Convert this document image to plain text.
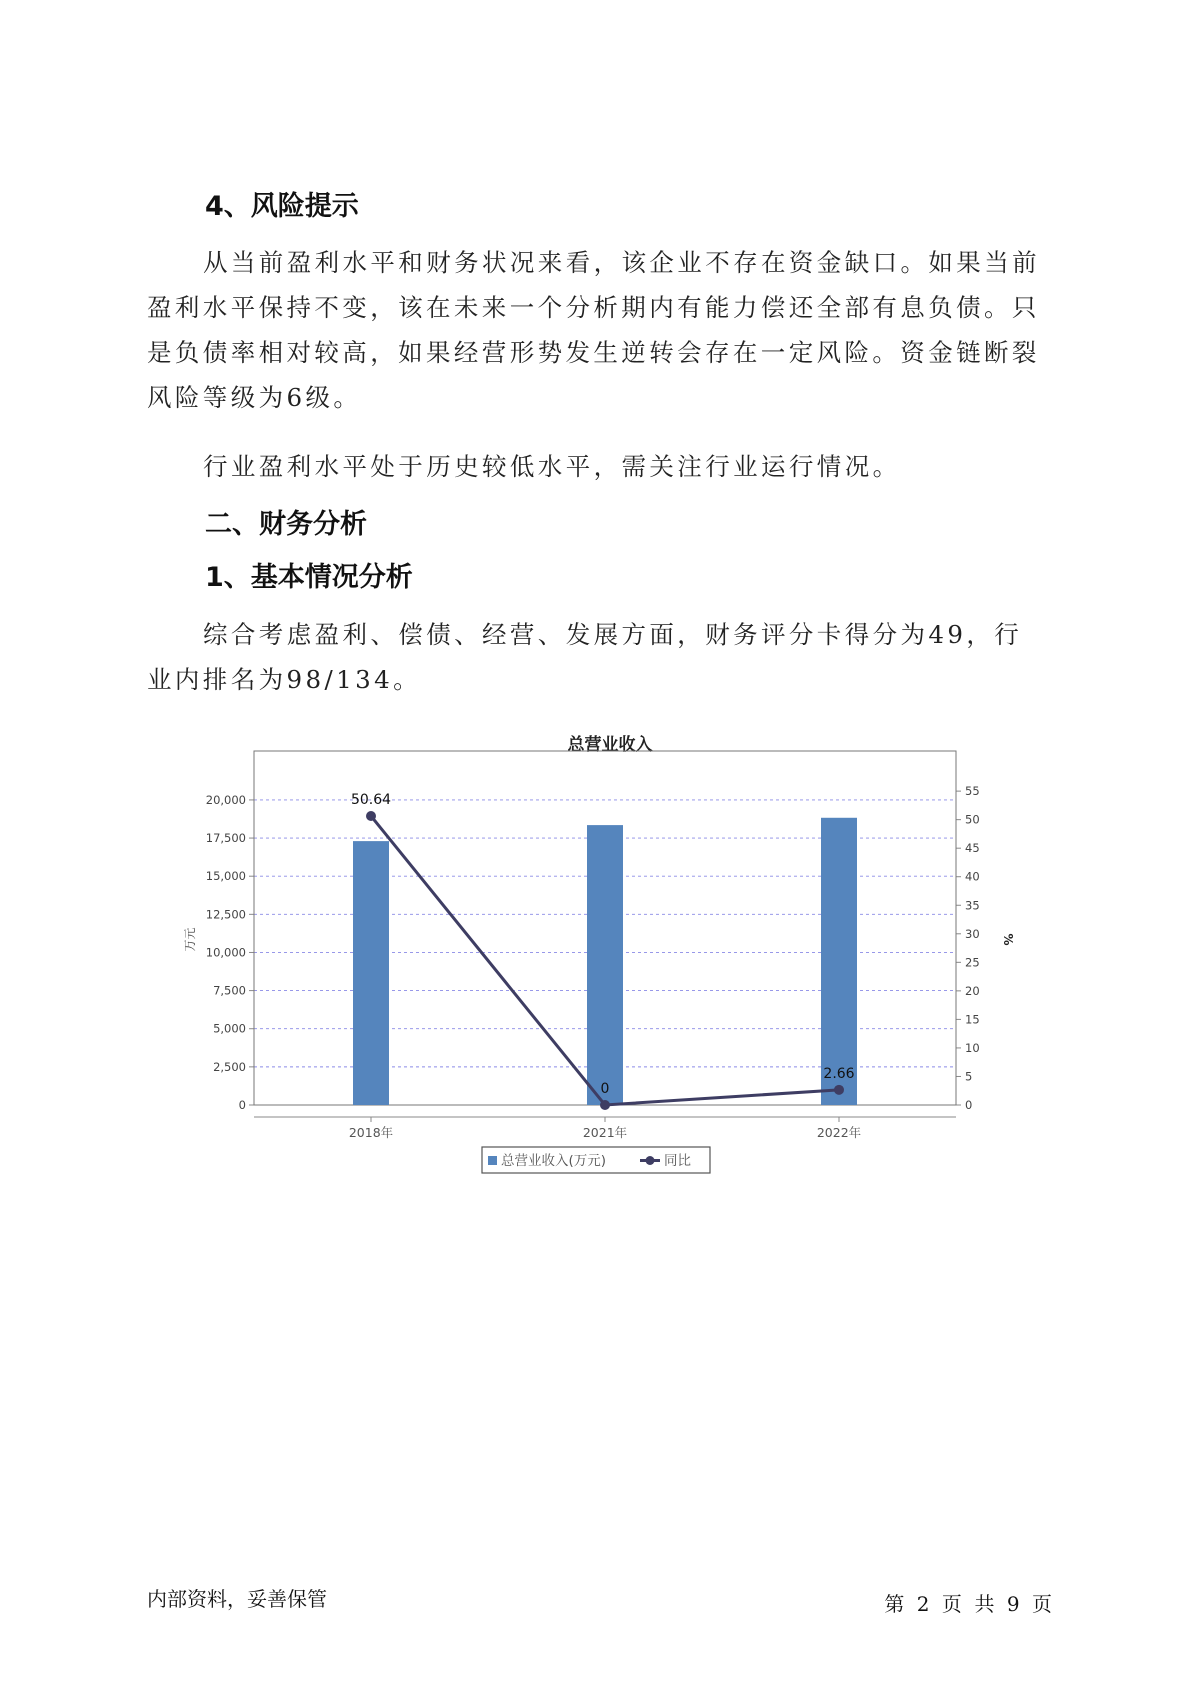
4、风险提示
从当前盈利水平和财务状况来看，该企业不存在资金缺口。如果当前盈利水平保持不变，该在未来一个分析期内有能力偿还全部有息负债。只是负债率相对较高，如果经营形势发生逆转会存在一定风险。资金链断裂风险等级为6级。
行业盈利水平处于历史较低水平，需关注行业运行情况。
二、财务分析
1、基本情况分析
综合考虑盈利、偿债、经营、发展方面，财务评分卡得分为49，行业内排名为98/134。
总营业收入
0
2,500
5,000
7,500
10,000
12,500
15,000
17,500
20,000
0
5
10
15
20
25
30
35
40
45
50
55
万元	%
2018年	2021年	2022年
50.64
0
2.66
总营业收入(万元)	同比
内部资料，妥善保管	第 2 页  共 9 页
